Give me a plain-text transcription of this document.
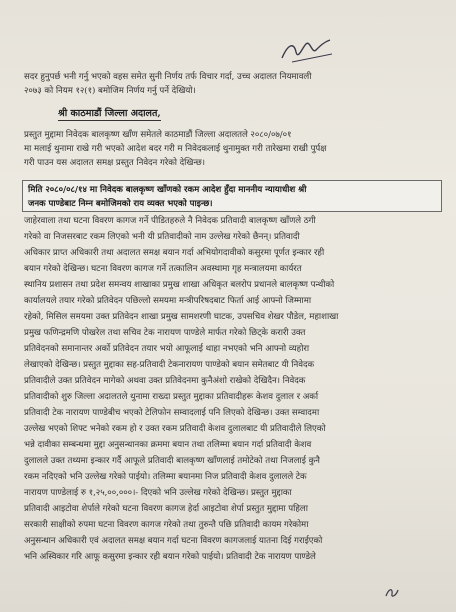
सदर हुनुपर्छ भनी गर्नु भएको वहस समेत सुनी निर्णय तर्फ विचार गर्दा, उच्च अदालत नियमावली
२०७३ को नियम १२(१) बमोजिम निर्णय गर्नु पर्ने देखियो।
श्री काठमाडौं जिल्ला अदालत,
प्रस्तुत मुद्दामा निवेदक बालकृष्ण खाँण समेतले काठमाडौं जिल्ला अदालतले २०८०/०७/०१
मा मलाई थुनामा राखे गरी भएको आदेश बदर गरी म निवेदकलाई थुनामुक्त गरी तारेखमा राखी पुर्पक्ष
गरी पाउन यस अदालत समक्ष प्रस्तुत निवेदन गरेको देखिन्छ।
मिति २०८०/०८/१४ मा निवेदक बालकृष्ण खाँणको रकम आदेश हुँदा माननीय न्यायाधीश श्री
जनक पाण्डेबाट निम्न बमोजिमको राय व्यक्त भएको पाइन्छ।
जाहेरवाला तथा घटना विवरण कागज गर्ने पीडितहरुले नै निवेदक प्रतिवादी बालकृष्ण खाँणले ठगी
गरेको वा निजसरबाट रकम लिएको भनी यी प्रतिवादीको नाम उल्लेख गरेको छैनन्। प्रतिवादी
अधिकार प्राप्त अधिकारी तथा अदालत समक्ष बयान गर्दा अभियोगदावीको कसुरमा पूर्णत इन्कार रही
बयान गरेको देखिन्छ। घटना विवरण कागज गर्ने तत्कालिन अवस्थामा गृह मन्त्रालयमा कार्यरत
स्थानिय प्रशासन तथा प्रदेश समन्वय शाखाका प्रमुख शाखा अधिकृत बलरोप प्रधानले बालकृष्ण पन्थीको
कार्यालयले तयार गरेको प्रतिवेदन पछिल्लो समयमा मन्त्रीपरिषदबाट फिर्ता आई आफ्नो जिम्मामा
रहेको, मिसिल समयमा उक्त प्रतिवेदन शाखा प्रमुख सामशरणी घाटक, उपसचिव शेखर पौडेल, महाशाखा
प्रमुख फणिन्द्रमणि पोखरेल तथा सचिव टेक नारायण पाण्डेले मार्फत गरेको छिट्के करारी उक्त
प्रतिवेदनको समानान्तर अर्को प्रतिवेदन तयार भयो आफूलाई थाहा नभएको भनि आफ्नो व्यहोरा
लेखाएको देखिन्छ। प्रस्तुत मुद्दाका सह-प्रतिवादी टेकनारायण पाण्डेको बयान समेतबाट यी निवेदक
प्रतिवादीले उक्त प्रतिवेदन मागेको अथवा उक्त प्रतिवेदनमा कुनैअंशो राखेको देखिदैन। निवेदक
प्रतिवादीको शुरु जिल्ला अदालतले थुनामा राख्दा प्रस्तुत मुद्दाका प्रतिवादीहरू केशव दुलाल र अर्का
प्रतिवादी टेक नारायण पाण्डेबीच भएको टेलिफोन सम्वादलाई पनि लिएको देखिन्छ। उक्त सम्वादमा
उल्लेख भएको शिफ्ट भनेको रकम हो र उक्त रकम प्रतिवादी केशव दुलालबाट यी प्रतिवादीले लिएको
भन्ने दावीका सम्बन्धमा मुद्दा अनुसन्धानका क्रममा बयान तथा तलिम्मा बयान गर्दा प्रतिवादी केशव
दुलालले उक्त तथ्यमा इन्कार गर्दै आफूले प्रतिवादी बालकृष्ण खाँणलाई तमोटेको तथा निजलाई कुनै
रकम नदिएको भनि उल्लेख गरेको पाईयो। तलिम्मा बयानमा निज प्रतिवादी केशव दुलालले टेक
नारायण पाण्डेलाई रु १,२५,००,०००।- दिएको भनि उल्लेख गरेको देखिन्छ। प्रस्तुत मुद्दाका
प्रतिवादी आइटोवा शेर्पाले गरेको घटना विवरण कागज हेर्दा आइटोवा शेर्पा प्रस्तुत मुद्दामा पहिला
सरकारी साक्षीको रुपमा घटना विवरण कागज गरेको तथा तुरुन्तै पछि प्रतिवादी कायम गरेकोमा
अनुसन्धान अधिकारी एवं अदालत समक्ष बयान गर्दा घटना विवरण कागजलाई यातना दिई गराईएको
भनि अस्विकार गरि आफू कसुरमा इन्कार रही बयान गरेको पाईयो। प्रतिवादी टेक नारायण पाण्डेले
